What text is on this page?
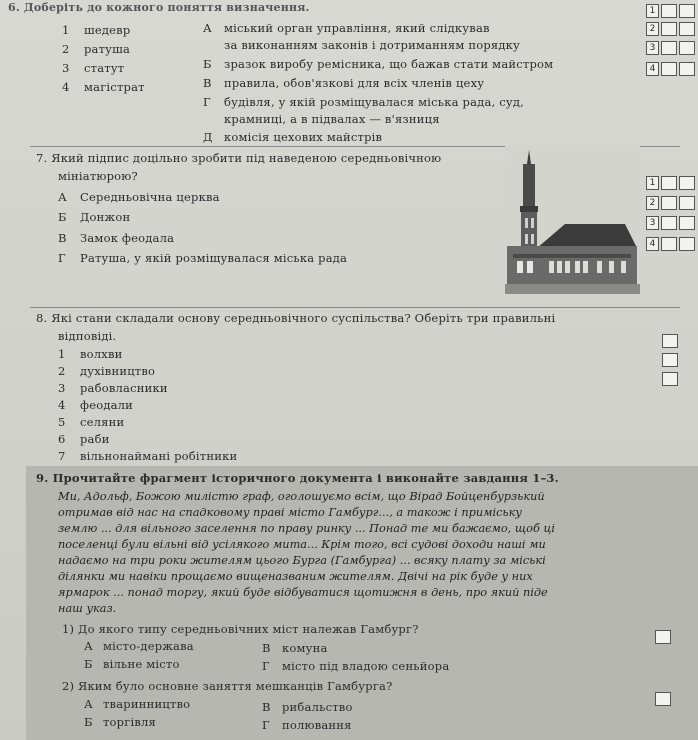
6. Доберіть до кожного поняття визначення.
1 шедевр
2 ратуша
3 статут
4 магістрат
А міський орган управління, який слідкував
за виконанням законів і дотриманням порядку
Б зразок виробу ремісника, що бажав стати майстром
В правила, обов'язкові для всіх членів цеху
Г будівля, у якій розміщувалася міська рада, суд,
крамниці, а в підвалах — в'язниця
Д комісія цехових майстрів
1
2
3
4
7. Який підпис доцільно зробити під наведеною середньовічною
мініатюрою?
А Середньовічна церква
Б Донжон
В Замок феодала
Г Ратуша, у якій розміщувалася міська рада
1
2
3
4
8. Які стани складали основу середньовічного суспільства? Оберіть три правильні
відповіді.
1 волхви
2 духівництво
3 рабовласники
4 феодали
5 селяни
6 раби
7 вільнонаймані робітники
9. Прочитайте фрагмент історичного документа і виконайте завдання 1–3.
Ми, Адольф, Божою милістю граф, оголошуємо всім, що Вірад Бойценбурзький
отримав від нас на спадковому праві місто Гамбург..., а також і приміську
землю ... для вільного заселення по праву ринку ... Понад те ми бажаємо, щоб ці
поселенці були вільні від усілякого мита... Крім того, всі судові доходи наші ми
надаємо на три роки жителям цього Бурга (Гамбурга) ... всяку плату за міські
ділянки ми навіки прощаємо вищеназваним жителям. Двічі на рік буде у них
ярмарок ... понад торгу, який буде відбуватися щотижня в день, про який піде
наш указ.
1) До якого типу середньовічних міст належав Гамбург?
А місто-держава	В комуна
Б вільне місто	Г місто під владою сеньйора
2) Яким було основне заняття мешканців Гамбурга?
А тваринництво	В рибальство
Б торгівля	Г полювання
